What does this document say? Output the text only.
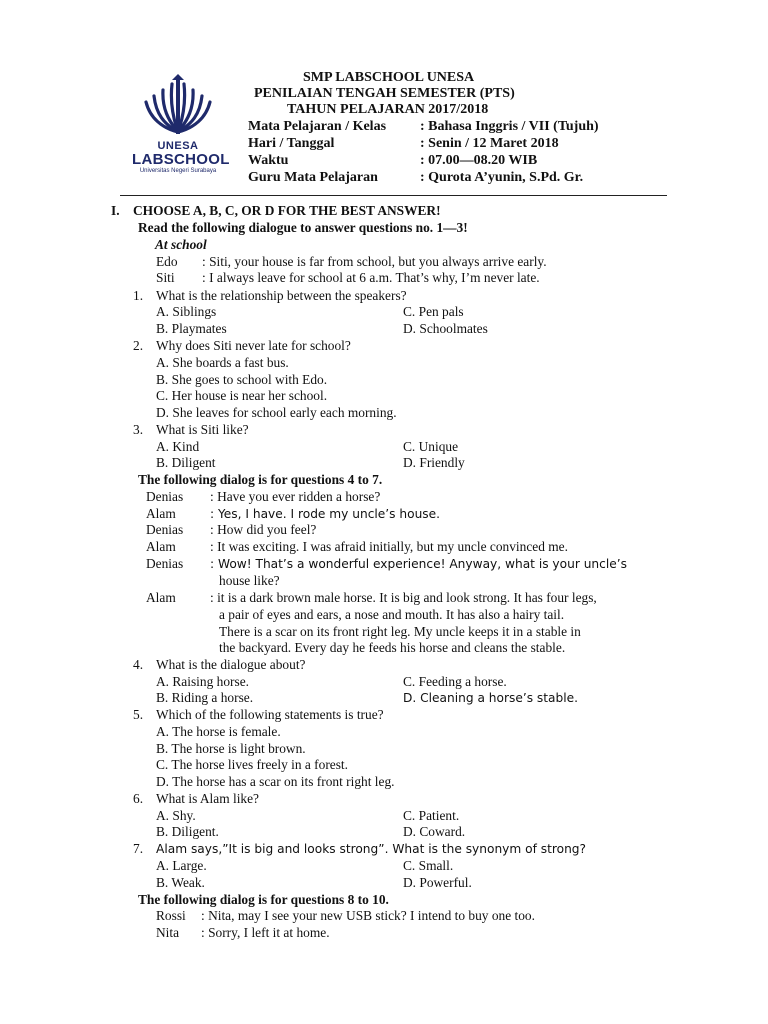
UNESA
LABSCHOOL
Universitas Negeri Surabaya
SMP LABSCHOOL UNESA
PENILAIAN TENGAH SEMESTER (PTS)
TAHUN PELAJARAN 2017/2018
Mata Pelajaran / Kelas : Bahasa Inggris / VII (Tujuh)
Hari / Tanggal	: Senin / 12 Maret 2018
Waktu	: 07.00—08.20 WIB
Guru Mata Pelajaran	: Qurota A’yunin, S.Pd. Gr.
I. CHOOSE A, B, C, OR D FOR THE BEST ANSWER!
Read the following dialogue to answer questions no. 1—3!
At school
Edo : Siti, your house is far from school, but you always arrive early.
Siti : I always leave for school at 6 a.m. That’s why, I’m never late.
1. What is the relationship between the speakers?
A. Siblings	C. Pen pals
B. Playmates	D. Schoolmates
2. Why does Siti never late for school?
A. She boards a fast bus.
B. She goes to school with Edo.
C. Her house is near her school.
D. She leaves for school early each morning.
3. What is Siti like?
A. Kind	C. Unique
B. Diligent	D. Friendly
The following dialog is for questions 4 to 7.
Denias : Have you ever ridden a horse?
Alam	: Yes, I have. I rode my uncle’s house.
Denias : How did you feel?
Alam	: It was exciting. I was afraid initially, but my uncle convinced me.
Denias : Wow! That’s a wonderful experience! Anyway, what is your uncle’s
house like?
Alam	: it is a dark brown male horse. It is big and look strong. It has four legs,
a pair of eyes and ears, a nose and mouth. It has also a hairy tail.
There is a scar on its front right leg. My uncle keeps it in a stable in
the backyard. Every day he feeds his horse and cleans the stable.
4. What is the dialogue about?
A. Raising horse.	C. Feeding a horse.
B. Riding a horse.	D. Cleaning a horse’s stable.
5. Which of the following statements is true?
A. The horse is female.
B. The horse is light brown.
C. The horse lives freely in a forest.
D. The horse has a scar on its front right leg.
6. What is Alam like?
A. Shy.	C. Patient.
B. Diligent.	D. Coward.
7. Alam says,”It is big and looks strong”. What is the synonym of strong?
A. Large.	C. Small.
B. Weak.	D. Powerful.
The following dialog is for questions 8 to 10.
Rossi : Nita, may I see your new USB stick? I intend to buy one too.
Nita : Sorry, I left it at home.
